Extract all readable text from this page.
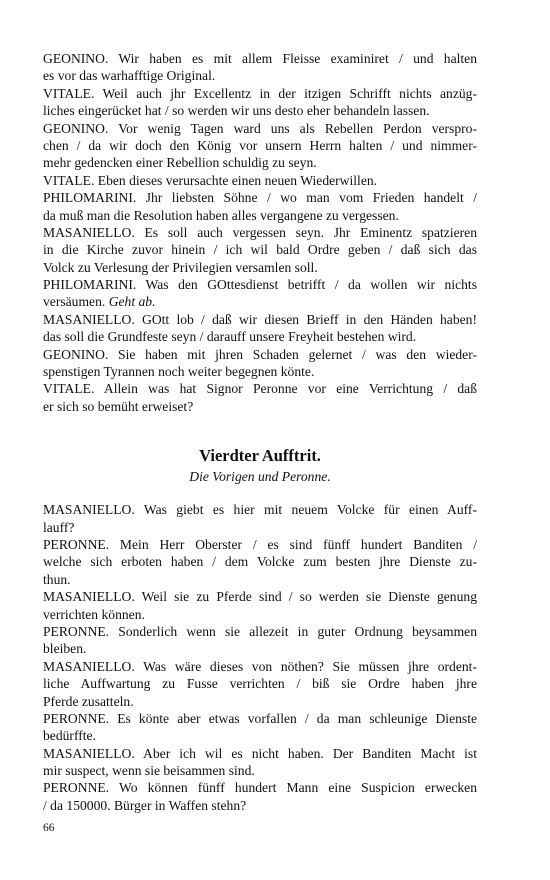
GEONINO. Wir haben es mit allem Fleisse examiniret / und halten
es vor das warhafftige Original.
VITALE. Weil auch jhr Excellentz in der itzigen Schrifft nichts anzüg-
liches eingerücket hat / so werden wir uns desto eher behandeln lassen.
GEONINO. Vor wenig Tagen ward uns als Rebellen Perdon verspro-
chen / da wir doch den König vor unsern Herrn halten / und nimmer-
mehr gedencken einer Rebellion schuldig zu seyn.
VITALE. Eben dieses verursachte einen neuen Wiederwillen.
PHILOMARINI. Jhr liebsten Söhne / wo man vom Frieden handelt /
da muß man die Resolution haben alles vergangene zu vergessen.
MASANIELLO. Es soll auch vergessen seyn. Jhr Eminentz spatzieren
in die Kirche zuvor hinein / ich wil bald Ordre geben / daß sich das
Volck zu Verlesung der Privilegien versamlen soll.
PHILOMARINI. Was den GOttesdienst betrifft / da wollen wir nichts
versäumen. Geht ab.
MASANIELLO. GOtt lob / daß wir diesen Brieff in den Händen haben!
das soll die Grundfeste seyn / darauff unsere Freyheit bestehen wird.
GEONINO. Sie haben mit jhren Schaden gelernet / was den wieder-
spenstigen Tyrannen noch weiter begegnen könte.
VITALE. Allein was hat Signor Peronne vor eine Verrichtung / daß
er sich so bemüht erweiset?
Vierdter Aufftrit.
Die Vorigen und Peronne.
MASANIELLO. Was giebt es hier mit neuem Volcke für einen Auff-
lauff?
PERONNE. Mein Herr Oberster / es sind fünff hundert Banditen /
welche sich erboten haben / dem Volcke zum besten jhre Dienste zu-
thun.
MASANIELLO. Weil sie zu Pferde sind / so werden sie Dienste genung
verrichten können.
PERONNE. Sonderlich wenn sie allezeit in guter Ordnung beysammen
bleiben.
MASANIELLO. Was wäre dieses von nöthen? Sie müssen jhre ordent-
liche Auffwartung zu Fusse verrichten / biß sie Ordre haben jhre
Pferde zusatteln.
PERONNE. Es könte aber etwas vorfallen / da man schleunige Dienste
bedürffte.
MASANIELLO. Aber ich wil es nicht haben. Der Banditen Macht ist
mir suspect, wenn sie beisammen sind.
PERONNE. Wo können fünff hundert Mann eine Suspicion erwecken
/ da 150000. Bürger in Waffen stehn?
66
